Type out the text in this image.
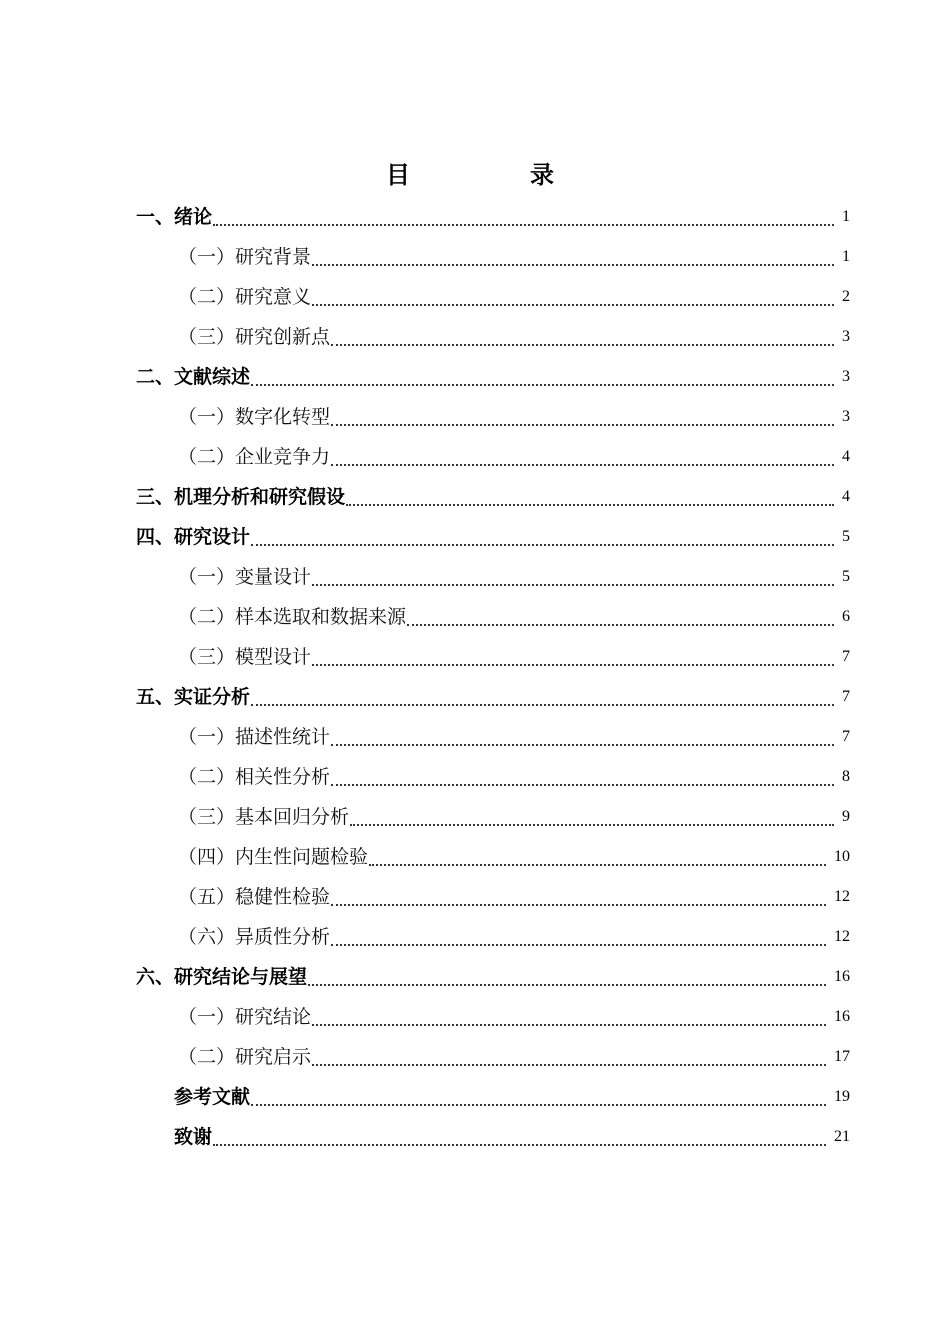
目　录
一、绪论	1
（一）研究背景	1
（二）研究意义	2
（三）研究创新点	3
二、文献综述	3
（一）数字化转型	3
（二）企业竞争力	4
三、机理分析和研究假设	4
四、研究设计	5
（一）变量设计	5
（二）样本选取和数据来源	6
（三）模型设计	7
五、实证分析	7
（一）描述性统计	7
（二）相关性分析	8
（三）基本回归分析	9
（四）内生性问题检验	10
（五）稳健性检验	12
（六）异质性分析	12
六、研究结论与展望	16
（一）研究结论	16
（二）研究启示	17
参考文献	19
致谢	21
